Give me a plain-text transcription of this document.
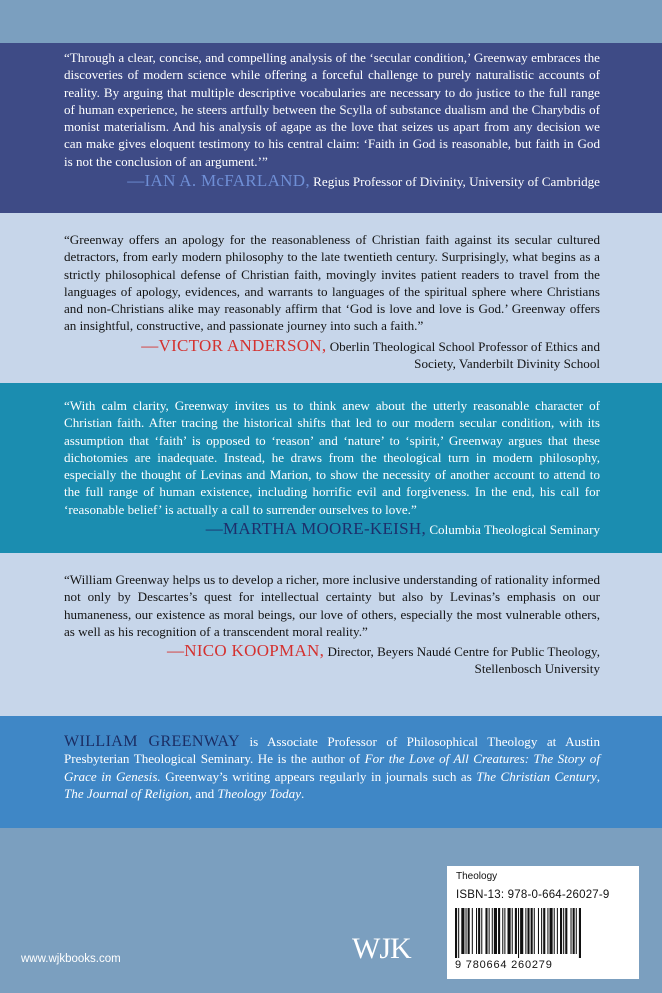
“Through a clear, concise, and compelling analysis of the ‘secular condition,’ Greenway embraces the discoveries of modern science while offering a forceful challenge to purely naturalistic accounts of reality. By arguing that multiple descriptive vocabularies are necessary to do justice to the full range of human experience, he steers artfully between the Scylla of substance dualism and the Charybdis of monist materialism. And his analysis of agape as the love that seizes us apart from any decision we can make gives eloquent testimony to his central claim: ‘Faith in God is reasonable, but faith in God is not the conclusion of an argument.’”

—IAN A. McFARLAND, Regius Professor of Divinity, University of Cambridge

“Greenway offers an apology for the reasonableness of Christian faith against its secular cultured detractors, from early modern philosophy to the late twentieth century. Surprisingly, what begins as a strictly philosophical defense of Christian faith, movingly invites patient readers to travel from the languages of apology, evidences, and warrants to languages of the spiritual sphere where Christians and non-Christians alike may reasonably affirm that ‘God is love and love is God.’ Greenway offers an insightful, constructive, and passionate journey into such a faith.”

—VICTOR ANDERSON, Oberlin Theological School Professor of Ethics and
Society, Vanderbilt Divinity School

“With calm clarity, Greenway invites us to think anew about the utterly reasonable character of Christian faith. After tracing the historical shifts that led to our modern secular condition, with its assumption that ‘faith’ is opposed to ‘reason’ and ‘nature’ to ‘spirit,’ Greenway argues that these dichotomies are inadequate. Instead, he draws from the theological turn in modern philosophy, especially the thought of Levinas and Marion, to show the necessity of another account to attend to the full range of human existence, including horrific evil and forgiveness. In the end, his call for ‘reasonable belief’ is actually a call to surrender ourselves to love.”

—MARTHA MOORE-KEISH, Columbia Theological Seminary

“William Greenway helps us to develop a richer, more inclusive understanding of rationality informed not only by Descartes’s quest for intellectual certainty but also by Levinas’s emphasis on our humaneness, our existence as moral beings, our love of others, especially the most vulnerable others, as well as his recognition of a transcendent moral reality.”

—NICO KOOPMAN, Director, Beyers Naudé Centre for Public Theology,
Stellenbosch University

WILLIAM GREENWAY is Associate Professor of Philosophical Theology at Austin Presbyterian Theological Seminary. He is the author of For the Love of All Creatures: The Story of Grace in Genesis. Greenway’s writing appears regularly in journals such as The Christian Century, The Journal of Religion, and Theology Today.

Theology
ISBN-13: 978-0-664-26027-9
9 780664 260279
WJK
www.wjkbooks.com
